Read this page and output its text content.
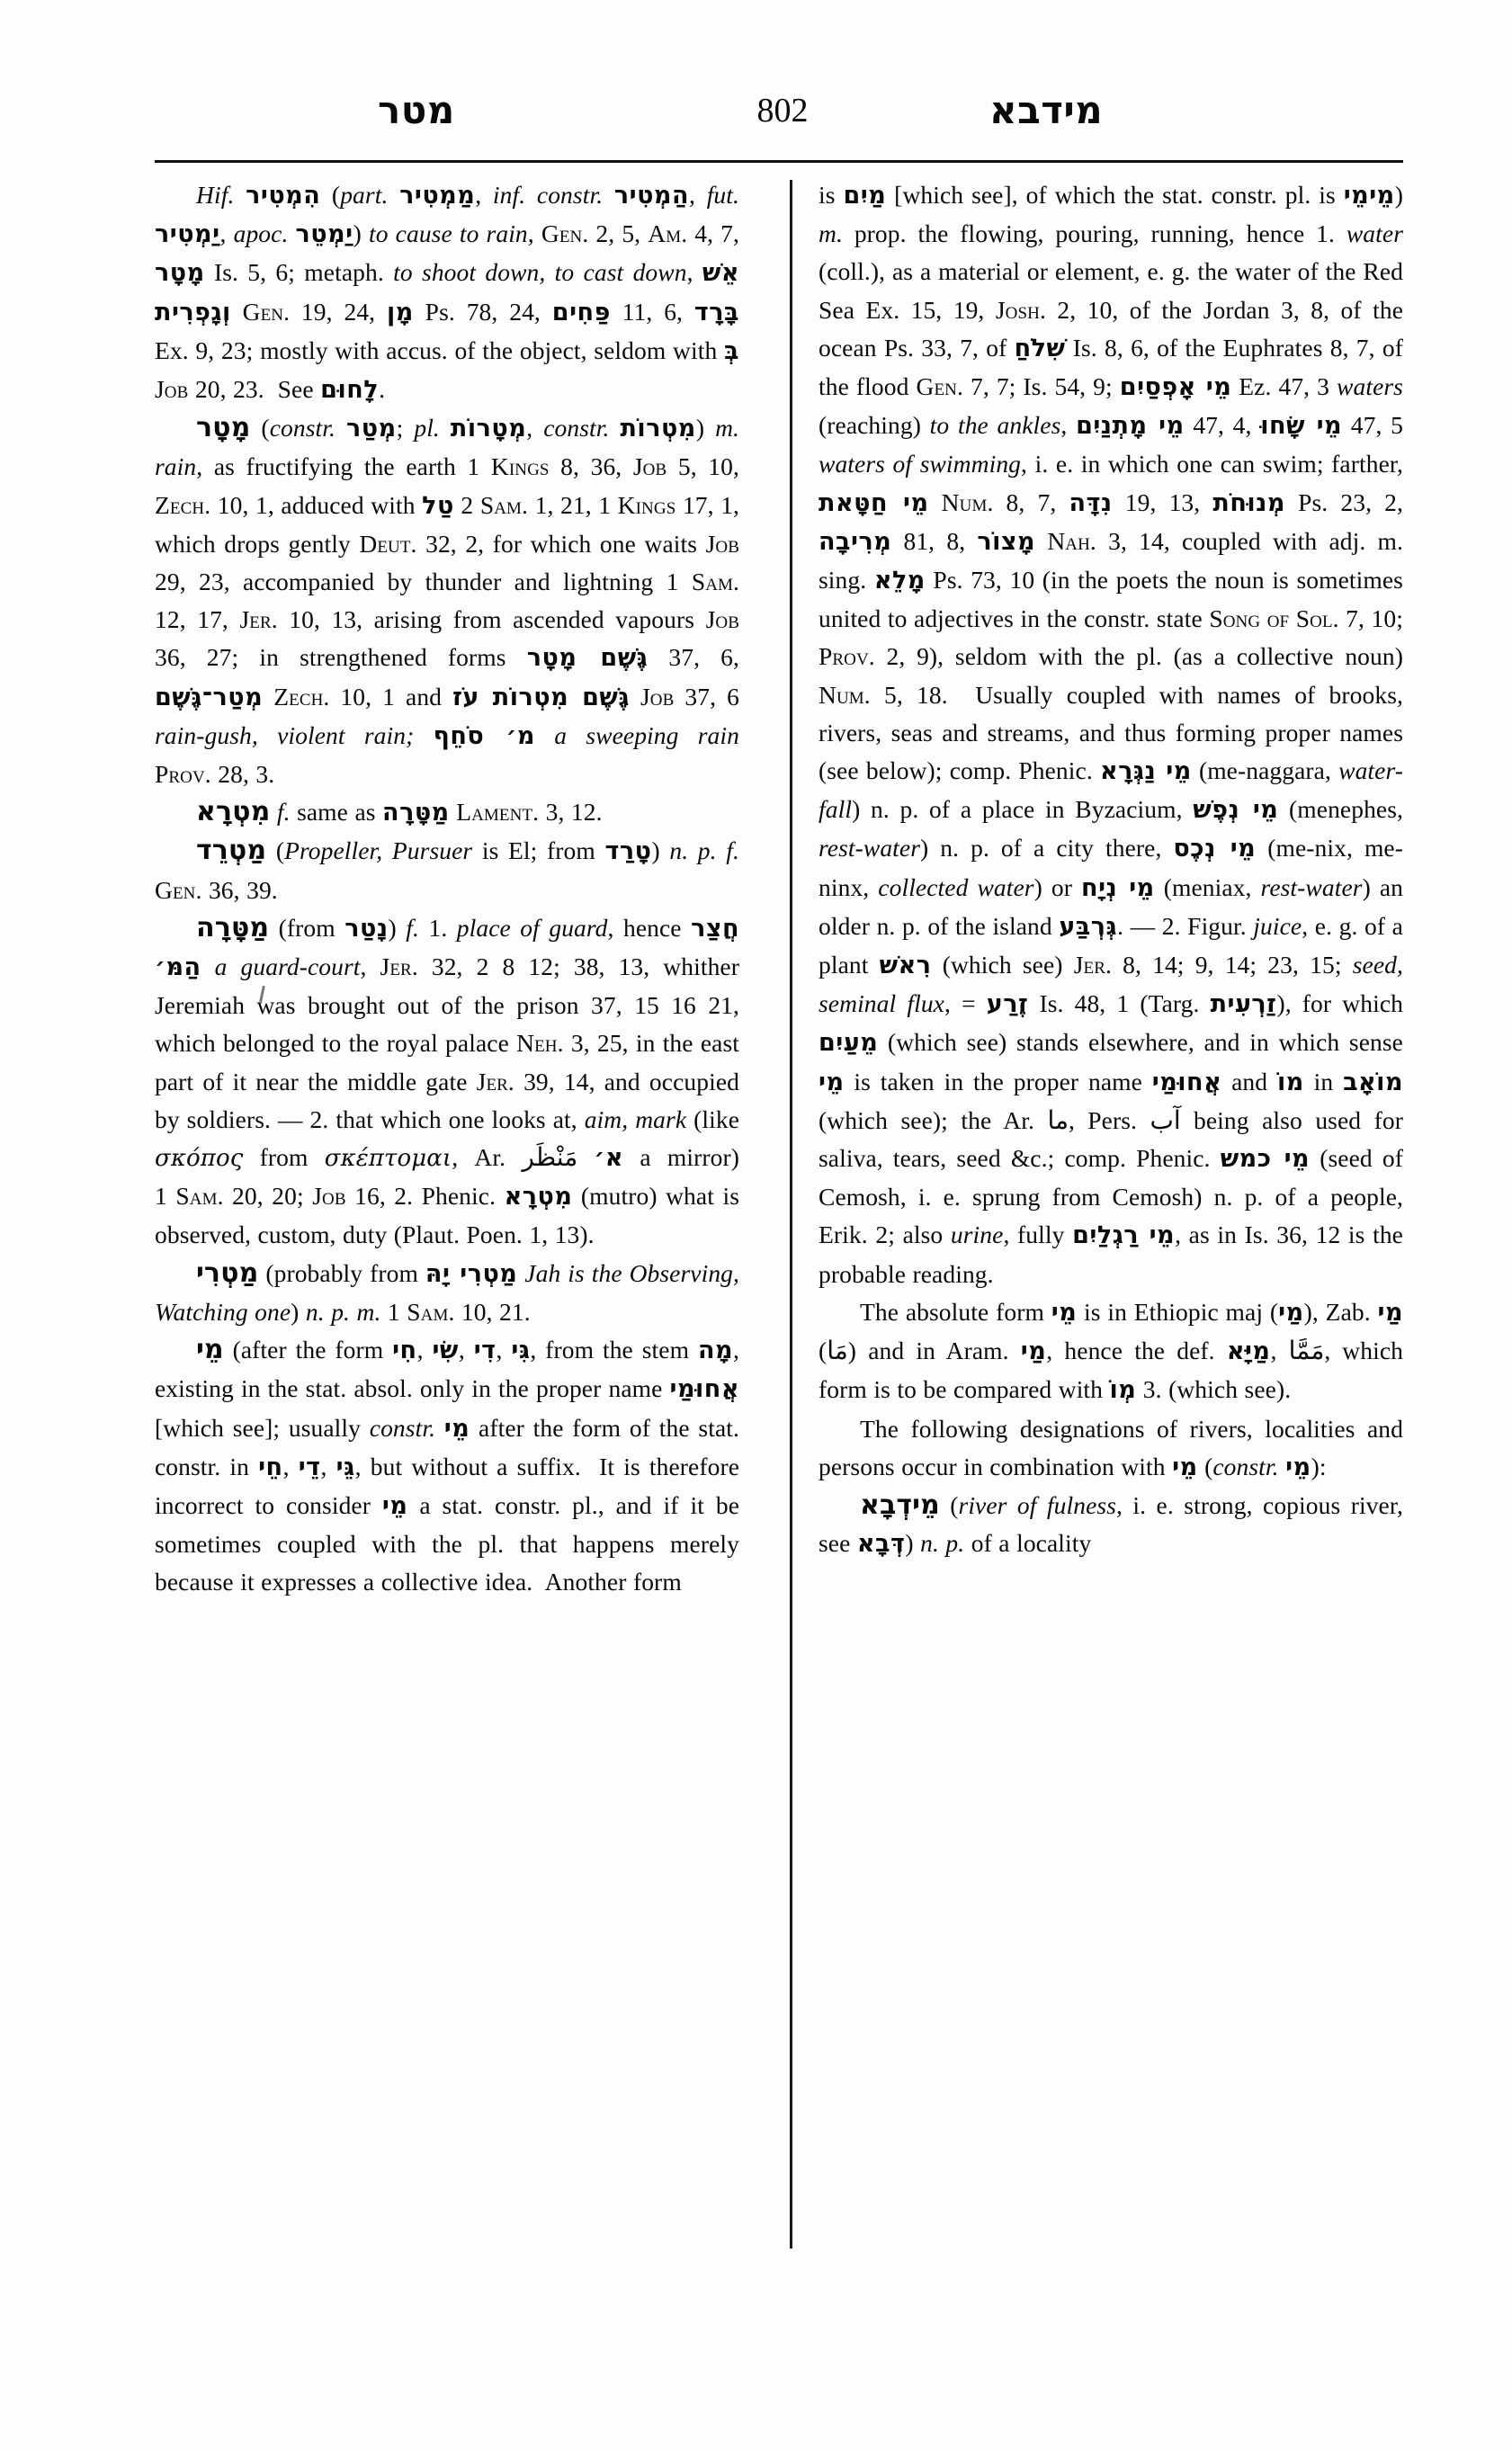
מטר	802	מידבא

Hif. הִמְטִיר (part. מַמְטִיר, inf. constr. הַמְטִיר, fut. יַמְטִיר, apoc. יַמְטֵר) to cause to rain, Gen. 2, 5, Am. 4, 7, מָטָר Is. 5, 6; metaph. to shoot down, to cast down, אֵשׁ וְגָפְרִית Gen. 19, 24, מָן Ps. 78, 24, פַּחִים 11, 6, בָּרָד Ex. 9, 23; mostly with accus. of the object, seldom with בְּ Job 20, 23.  See לָחוּם.

מָטָר (constr. מְטַר; pl. מְטָרוֹת, constr. מִטְרוֹת) m. rain, as fructifying the earth 1 Kings 8, 36, Job 5, 10, Zech. 10, 1, adduced with טַל 2 Sam. 1, 21, 1 Kings 17, 1, which drops gently Deut. 32, 2, for which one waits Job 29, 23, accompanied by thunder and lightning 1 Sam. 12, 17, Jer. 10, 13, arising from ascended vapours Job 36, 27; in strengthened forms גֶּשֶׁם מָטָר 37, 6, מְטַר־גֶּשֶׁם Zech. 10, 1 and גֶּשֶׁם מִטְרוֹת עֹז Job 37, 6 rain-gush, violent rain; מ׳ סֹחֵף a sweeping rain Prov. 28, 3.

מִטְרָא f. same as מַטָּרָה Lament. 3, 12.

מַטְרֵד (Propeller, Pursuer is El; from טָרַד) n. p. f. Gen. 36, 39.

מַטָּרָה (from נָטַר) f. 1. place of guard, hence חֲצַר הַמּ׳ a guard-court, Jer. 32, 2 8 12; 38, 13, whither Jeremiah was brought out of the prison 37, 15 16 21, which belonged to the royal palace Neh. 3, 25, in the east part of it near the middle gate Jer. 39, 14, and occupied by soldiers. — 2. that which one looks at, aim, mark (like σκόπος from σκέπτομαι, Ar. مَنْظَر א׳ a mirror) 1 Sam. 20, 20; Job 16, 2. Phenic. מִטְרָא (mutro) what is observed, custom, duty (Plaut. Poen. 1, 13).

מַטְרִי (probably from מַטְרִי יָהּ Jah is the Observing, Watching one) n. p. m. 1 Sam. 10, 21.

מֵי (after the form חִי, שִׂי, דִי, גִּי, from the stem מָה, existing in the stat. absol. only in the proper name אֲחוּמַי [which see]; usually constr. מֵי after the form of the stat. constr. in חֵי, דֵי, גֵּי, but without a suffix.  It is therefore incorrect to consider מֵי a stat. constr. pl., and if it be sometimes coupled with the pl. that happens merely because it expresses a collective idea.  Another form

is מַיִם [which see], of which the stat. constr. pl. is מֵימֵי) m. prop. the flowing, pouring, running, hence 1. water (coll.), as a material or element, e. g. the water of the Red Sea Ex. 15, 19, Josh. 2, 10, of the Jordan 3, 8, of the ocean Ps. 33, 7, of שִׁלֹחַ Is. 8, 6, of the Euphrates 8, 7, of the flood Gen. 7, 7; Is. 54, 9; מֵי אָפְסַיִם Ez. 47, 3 waters (reaching) to the ankles, מֵי מָתְנַיִם 47, 4, מֵי שָׂחוּ 47, 5 waters of swimming, i. e. in which one can swim; farther, מֵי חַטָּאת Num. 8, 7, נִדָּה 19, 13, מְנוּחֹת Ps. 23, 2, מְרִיבָה 81, 8, מָצוֹר Nah. 3, 14, coupled with adj. m. sing. מָלֵא Ps. 73, 10 (in the poets the noun is sometimes united to adjectives in the constr. state Song of Sol. 7, 10; Prov. 2, 9), seldom with the pl. (as a collective noun) Num. 5, 18.  Usually coupled with names of brooks, rivers, seas and streams, and thus forming proper names (see below); comp. Phenic. מֵי נַגְּרָא (me-naggara, water-fall) n. p. of a place in Byzacium, מֵי נְפֶשׁ (menephes, rest-water) n. p. of a city there, מֵי נְכֶס (me-nix, me-ninx, collected water) or מֵי נְיָח (meniax, rest-water) an older n. p. of the island גְּרְבַּע. — 2. Figur. juice, e. g. of a plant רִאשׁ (which see) Jer. 8, 14; 9, 14; 23, 15; seed, seminal flux, = זֶרַע Is. 48, 1 (Targ. זַרְעִית), for which מֵעַיִם (which see) stands elsewhere, and in which sense מֵי is taken in the proper name אֲחוּמַי and מוֹ in מוֹאָב (which see); the Ar. ما, Pers. آب being also used for saliva, tears, seed &c.; comp. Phenic. מֵי כמש (seed of Cemosh, i. e. sprung from Cemosh) n. p. of a people, Erik. 2; also urine, fully מֵי רַגְלַיִם, as in Is. 36, 12 is the probable reading.

The absolute form מֵי is in Ethiopic maj (מַי), Zab. מַי (مَا) and in Aram. מַי, hence the def. מַיָּא, مَمَّا, which form is to be compared with מְוֹ 3. (which see).

The following designations of rivers, localities and persons occur in combination with מֵי (constr. מֵי):

מֵידְבָא (river of fulness, i. e. strong, copious river, see דְּבָא) n. p. of a locality
